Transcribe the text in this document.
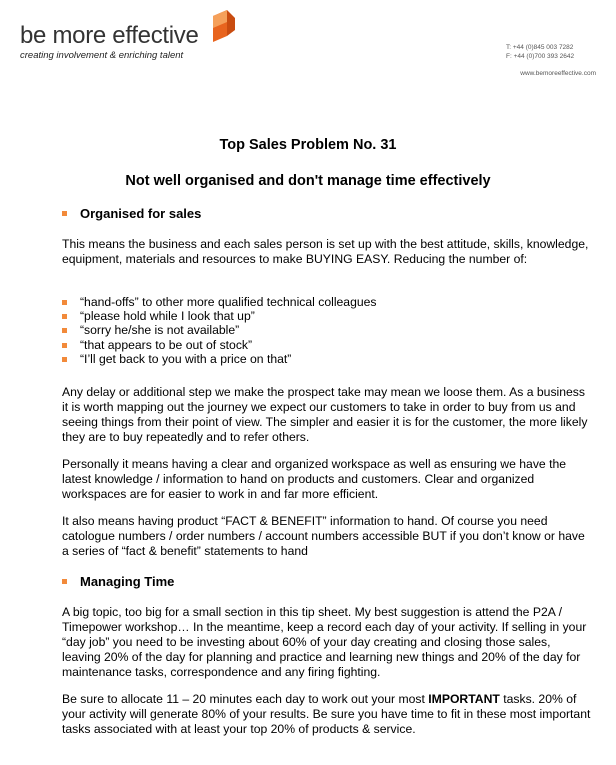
be more effective
creating involvement & enriching talent
T: +44 (0)845 003 7282
F: +44 (0)700 393 2642
www.bemoreeffective.com
Top Sales Problem No. 31
Not well organised and don't manage time effectively
Organised for sales

This means the business and each sales person is set up with the best attitude, skills, knowledge, equipment, materials and resources to make BUYING EASY. Reducing the number of:

“hand-offs” to other more qualified technical colleagues
“please hold while I look that up”
“sorry he/she is not available”
“that appears to be out of stock”
“I’ll get back to you with a price on that”

Any delay or additional step we make the prospect take may mean we loose them. As a business it is worth mapping out the journey we expect our customers to take in order to buy from us and seeing things from their point of view. The simpler and easier it is for the customer, the more likely they are to buy repeatedly and to refer others.

Personally it means having a clear and organized workspace as well as ensuring we have the latest knowledge / information to hand on products and customers. Clear and organized workspaces are for easier to work in and far more efficient.

It also means having product “FACT & BENEFIT” information to hand. Of course you need catologue numbers / order numbers / account numbers accessible BUT if you don’t know or have a series of “fact & benefit” statements to hand

Managing Time

A big topic, too big for a small section in this tip sheet. My best suggestion is attend the P2A / Timepower workshop… In the meantime, keep a record each day of your activity. If selling in your “day job” you need to be investing about 60% of your day creating and closing those sales, leaving 20% of the day for planning and practice and learning new things and 20% of the day for maintenance tasks, correspondence and any firing fighting.

Be sure to allocate 11 – 20 minutes each day to work out your most IMPORTANT tasks. 20% of your activity will generate 80% of your results. Be sure you have time to fit in these most important tasks associated with at least your top 20% of products & service.
